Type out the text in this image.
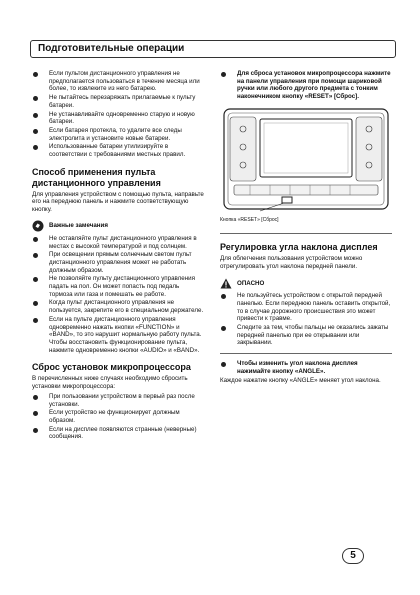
Подготовительные операции
Если пультом дистанционного управления не предполагается пользоваться в течение месяца или более, то извлеките из него батарею.
Не пытайтесь перезаряжать прилагаемые к пульту батареи.
Не устанавливайте одновременно старую и новую батареи.
Если батарея протекла, то удалите все следы электролита и установите новые батареи.
Использованные батареи утилизируйте в соответствии с требованиями местных правил.
Способ применения пульта дистанционного управления
Для управления устройством с помощью пульта, направьте его на переднюю панель и нажмите соответствующую кнопку.
Важные замечания
Не оставляйте пульт дистанционного управления в местах с высокой температурой и под солнцем.
При освещении прямым солнечным светом пульт дистанционного управления может не работать должным образом.
Не позволяйте пульту дистанционного управления падать на пол. Он может попасть под педаль тормоза или газа и помешать ее работе.
Когда пульт дистанционного управления не пользуется, закрепите его в специальном держателе.
Если на пульте дистанционного управления одновременно нажать кнопки «FUNCTION» и «BAND», то это нарушит нормальную работу пульта. Чтобы восстановить функционирование пульта, нажмите одновременно кнопки «AUDIO» и «BAND».
Сброс установок микропроцессора
В перечисленных ниже случаях необходимо сбросить установки микропроцессора:
При пользовании устройством в первый раз после установки.
Если устройство не функционирует должным образом.
Если на дисплее появляются странные (неверные) сообщения.
Для сброса установок микропроцессора нажмите на панели управления при помощи шариковой ручки или любого другого предмета с тонким наконечником кнопку «RESET» [Сброс].
Кнопка «RESET» [Сброс]
Регулировка угла наклона дисплея
Для облегчения пользования устройством можно отрегулировать угол наклона передней панели.
ОПАСНО
Не пользуйтесь устройством с открытой передней панелью. Если переднюю панель оставить открытой, то в случае дорожного происшествия это может привести к травме.
Следите за тем, чтобы пальцы не оказались зажаты передней панелью при ее открывании или закрывании.
Чтобы изменить угол наклона дисплея нажимайте кнопку «ANGLE».
Каждое нажатие кнопку «ANGLE» меняет угол наклона.
5
